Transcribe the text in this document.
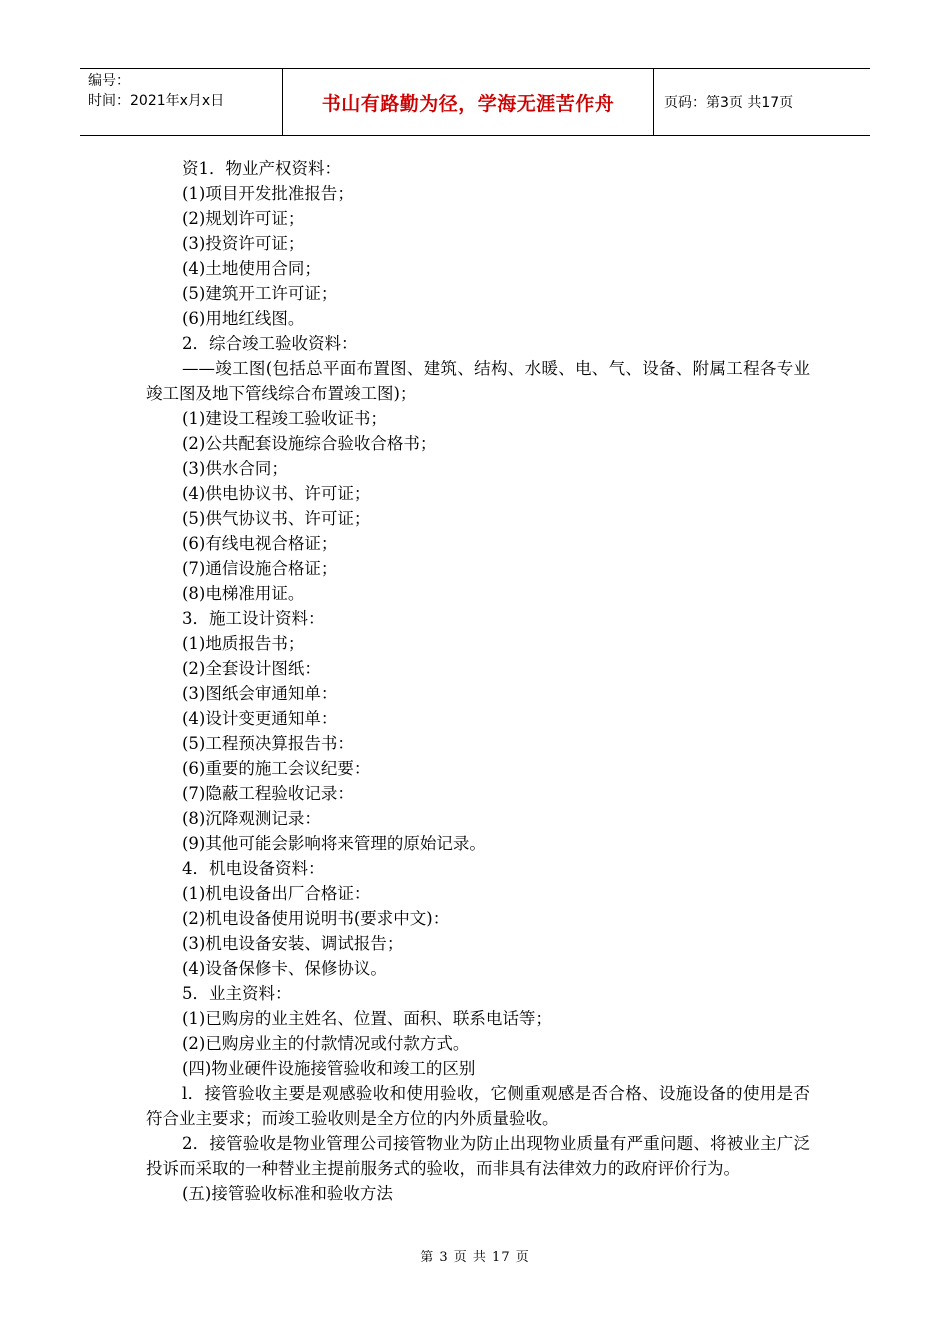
编号：
时间：2021年x月x日	书山有路勤为径，学海无涯苦作舟	页码：第3页 共17页

资1．物业产权资料：

(1)项目开发批准报告；

(2)规划许可证；

(3)投资许可证；

(4)土地使用合同；

(5)建筑开工许可证；

(6)用地红线图。

2．综合竣工验收资料：

——竣工图(包括总平面布置图、建筑、结构、水暖、电、气、设备、附属工程各专业竣工图及地下管线综合布置竣工图)；

(1)建设工程竣工验收证书；

(2)公共配套设施综合验收合格书；

(3)供水合同；

(4)供电协议书、许可证；

(5)供气协议书、许可证；

(6)有线电视合格证；

(7)通信设施合格证；

(8)电梯准用证。

3．施工设计资料：

(1)地质报告书；

(2)全套设计图纸：

(3)图纸会审通知单：

(4)设计变更通知单：

(5)工程预决算报告书：

(6)重要的施工会议纪要：

(7)隐蔽工程验收记录：

(8)沉降观测记录：

(9)其他可能会影响将来管理的原始记录。

4．机电设备资料：

(1)机电设备出厂合格证：

(2)机电设备使用说明书(要求中文)：

(3)机电设备安装、调试报告；

(4)设备保修卡、保修协议。

5．业主资料：

(1)已购房的业主姓名、位置、面积、联系电话等；

(2)已购房业主的付款情况或付款方式。

(四)物业硬件设施接管验收和竣工的区别

l．接管验收主要是观感验收和使用验收，它侧重观感是否合格、设施设备的使用是否符合业主要求；而竣工验收则是全方位的内外质量验收。

2．接管验收是物业管理公司接管物业为防止出现物业质量有严重问题、将被业主广泛投诉而采取的一种替业主提前服务式的验收，而非具有法律效力的政府评价行为。

(五)接管验收标准和验收方法

第 3 页 共 17 页
